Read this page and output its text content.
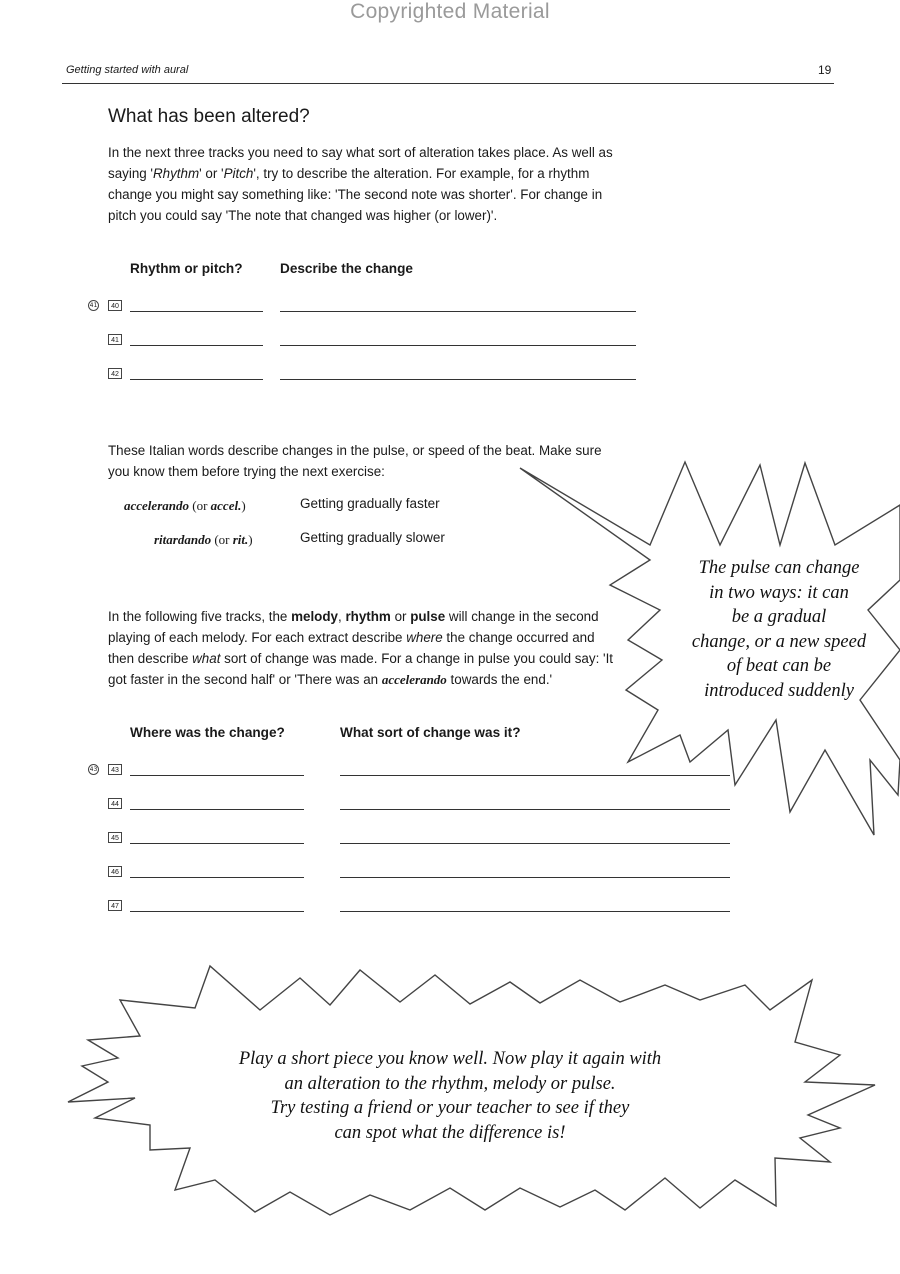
Copyrighted Material
Getting started with aural	19
What has been altered?

In the next three tracks you need to say what sort of alteration takes place. As well as saying 'Rhythm' or 'Pitch', try to describe the alteration. For example, for a rhythm change you might say something like: 'The second note was shorter'. For change in pitch you could say 'The note that changed was higher (or lower)'.

Rhythm or pitch?	Describe the change
41	40
41
42
These Italian words describe changes in the pulse, or speed of the beat. Make sure you know them before trying the next exercise:
accelerando (or accel.)	Getting gradually faster
ritardando (or rit.)	Getting gradually slower

In the following five tracks, the melody, rhythm or pulse will change in the second playing of each melody. For each extract describe where the change occurred and then describe what sort of change was made. For a change in pulse you could say: 'It got faster in the second half' or 'There was an accelerando towards the end.'

Where was the change?	What sort of change was it?
43	43
44
45
46
47
The pulse can change
in two ways: it can
be a gradual
change, or a new speed
of beat can be
introduced suddenly
Play a short piece you know well. Now play it again with
an alteration to the rhythm, melody or pulse.
Try testing a friend or your teacher to see if they
can spot what the difference is!
